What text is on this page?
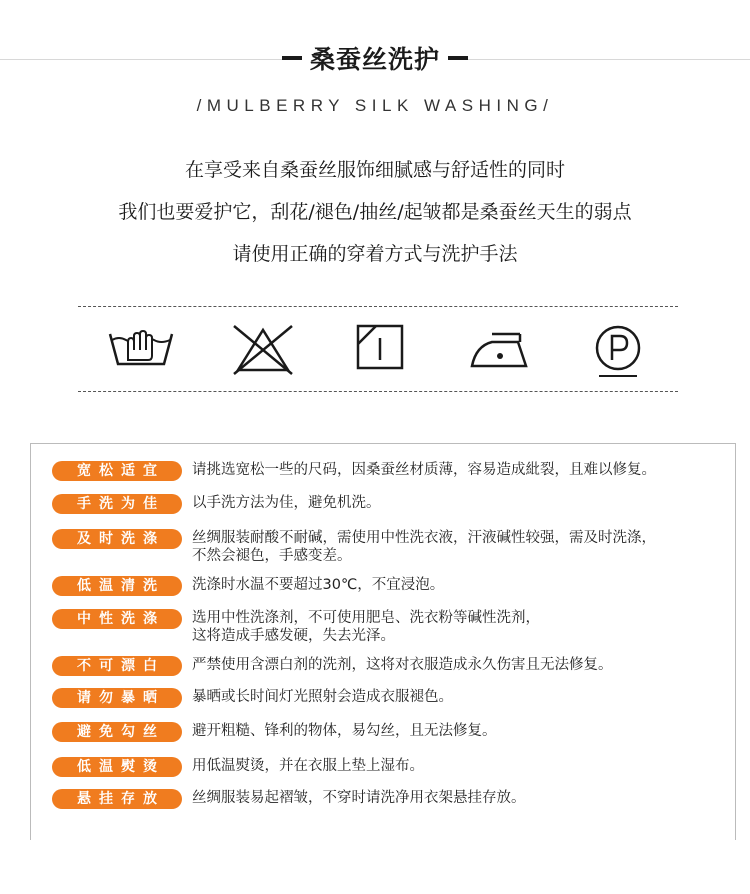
桑蚕丝洗护
/MULBERRY SILK WASHING/
在享受来自桑蚕丝服饰细腻感与舒适性的同时
我们也要爱护它，刮花/褪色/抽丝/起皱都是桑蚕丝天生的弱点
请使用正确的穿着方式与洗护手法
宽松适宜	请挑选宽松一些的尺码，因桑蚕丝材质薄，容易造成紕裂，且难以修复。
手洗为佳	以手洗方法为佳，避免机洗。
及时洗涤	丝绸服装耐酸不耐碱，需使用中性洗衣液，汗液碱性较强，需及时洗涤，
不然会褪色，手感变差。
低温清洗	洗涤时水温不要超过30℃，不宜浸泡。
中性洗涤	选用中性洗涤剂，不可使用肥皂、洗衣粉等碱性洗剂，
这将造成手感发硬，失去光泽。
不可漂白	严禁使用含漂白剂的洗剂，这将对衣服造成永久伤害且无法修复。
请勿暴晒	暴晒或长时间灯光照射会造成衣服褪色。
避免勾丝	避开粗糙、锋利的物体，易勾丝，且无法修复。
低温熨烫	用低温熨烫，并在衣服上垫上湿布。
悬挂存放	丝绸服装易起褶皱，不穿时请洗净用衣架悬挂存放。
